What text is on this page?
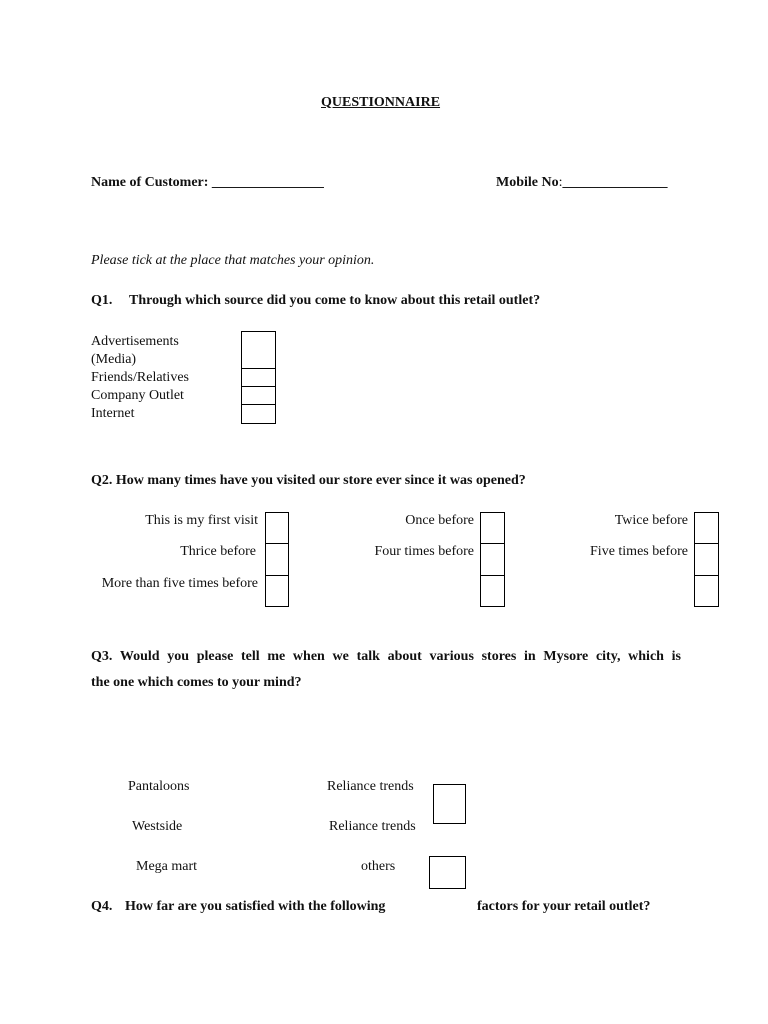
QUESTIONNAIRE
Name of Customer: ________________	Mobile No:_______________
Please tick at the place that matches your opinion.
Q1. Through which source did you come to know about this retail outlet?
Advertisements
(Media)
Friends/Relatives
Company Outlet
Internet
Q2. How many times have you visited our store ever since it was opened?
This is my first visit
Thrice before
More than five times before
Once before
Four times before
Twice before
Five times before
Q3. Would you please tell me when we talk about various stores in Mysore city, which is
the one which comes to your mind?
Pantaloons
Westside
Mega mart
Reliance trends
Reliance trends
others
Q4. How far are you satisfied with the following	factors for your retail outlet?
